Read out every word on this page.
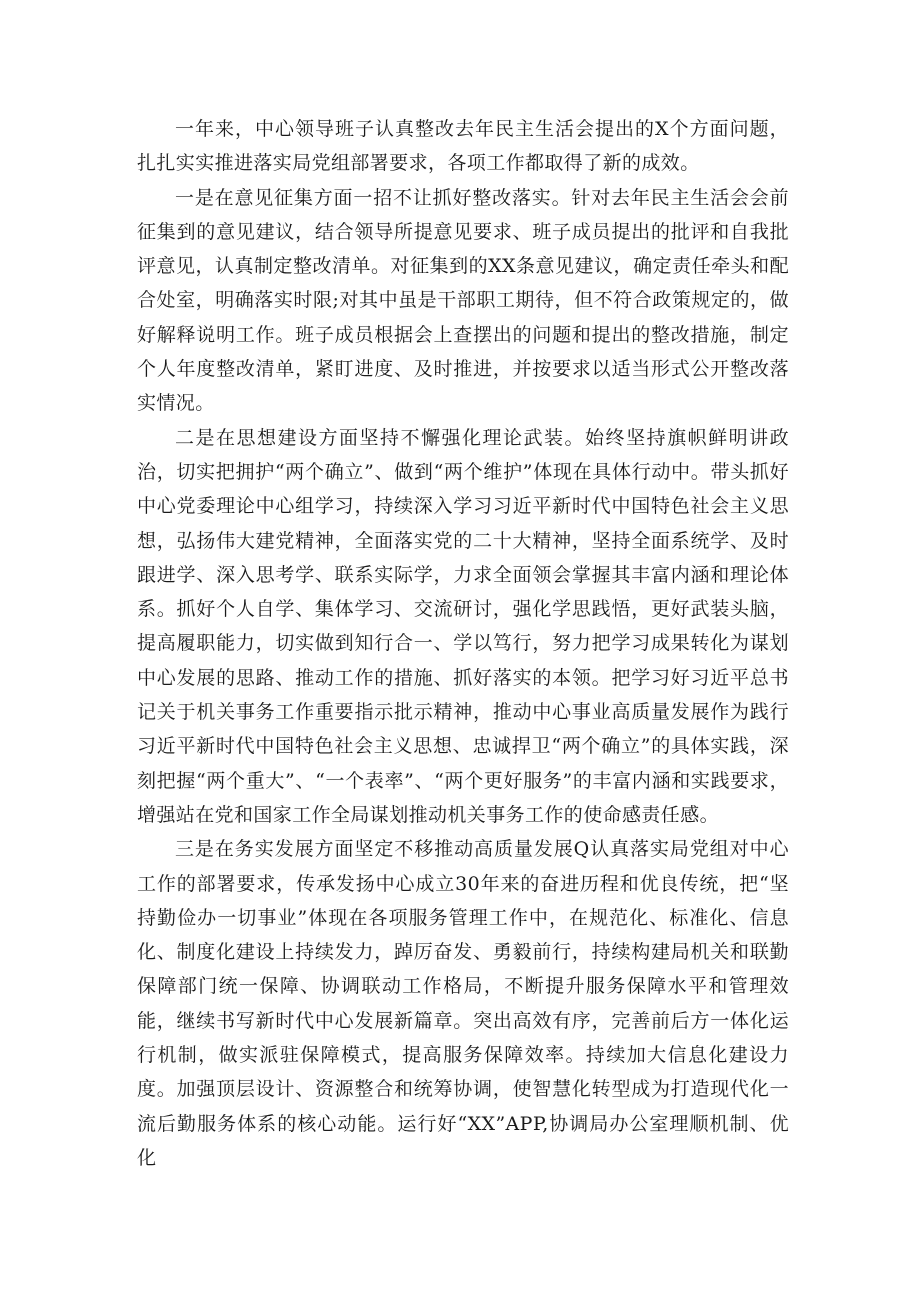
一年来，中心领导班子认真整改去年民主生活会提出的X个方面问题，扎扎实实推进落实局党组部署要求，各项工作都取得了新的成效。

一是在意见征集方面一招不让抓好整改落实。针对去年民主生活会会前征集到的意见建议，结合领导所提意见要求、班子成员提出的批评和自我批评意见，认真制定整改清单。对征集到的XX条意见建议，确定责任牵头和配合处室，明确落实时限;对其中虽是干部职工期待，但不符合政策规定的，做好解释说明工作。班子成员根据会上查摆出的问题和提出的整改措施，制定个人年度整改清单，紧盯进度、及时推进，并按要求以适当形式公开整改落实情况。

二是在思想建设方面坚持不懈强化理论武装。始终坚持旗帜鲜明讲政治，切实把拥护“两个确立”、做到“两个维护”体现在具体行动中。带头抓好中心党委理论中心组学习，持续深入学习习近平新时代中国特色社会主义思想，弘扬伟大建党精神，全面落实党的二十大精神，坚持全面系统学、及时跟进学、深入思考学、联系实际学，力求全面领会掌握其丰富内涵和理论体系。抓好个人自学、集体学习、交流研讨，强化学思践悟，更好武装头脑，提高履职能力，切实做到知行合一、学以笃行，努力把学习成果转化为谋划中心发展的思路、推动工作的措施、抓好落实的本领。把学习好习近平总书记关于机关事务工作重要指示批示精神，推动中心事业高质量发展作为践行习近平新时代中国特色社会主义思想、忠诚捍卫“两个确立”的具体实践，深刻把握“两个重大”、“一个表率”、“两个更好服务”的丰富内涵和实践要求，增强站在党和国家工作全局谋划推动机关事务工作的使命感责任感。

三是在务实发展方面坚定不移推动高质量发展Q认真落实局党组对中心工作的部署要求，传承发扬中心成立30年来的奋进历程和优良传统，把“坚持勤俭办一切事业”体现在各项服务管理工作中，在规范化、标准化、信息化、制度化建设上持续发力，踔厉奋发、勇毅前行，持续构建局机关和联勤保障部门统一保障、协调联动工作格局，不断提升服务保障水平和管理效能，继续书写新时代中心发展新篇章。突出高效有序，完善前后方一体化运行机制，做实派驻保障模式，提高服务保障效率。持续加大信息化建设力度。加强顶层设计、资源整合和统筹协调，使智慧化转型成为打造现代化一流后勤服务体系的核心动能。运行好“XX”APP,协调局办公室理顺机制、优化
